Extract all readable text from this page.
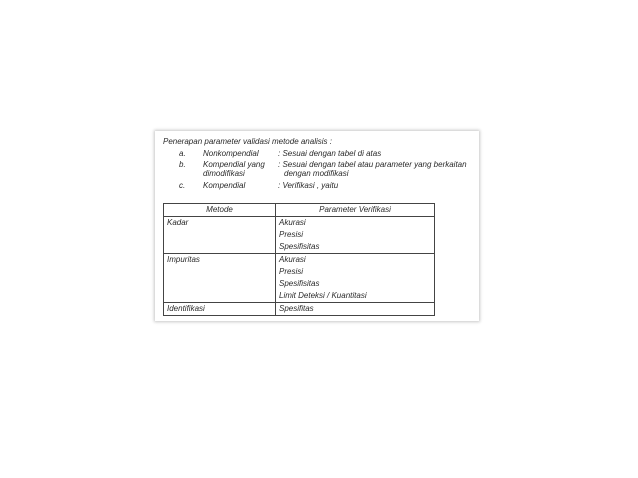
Penerapan parameter validasi metode analisis :
a. Nonkompendial : Sesuai dengan tabel di atas
b. Kompendial yang
dimodifikasi
: Sesuai dengan tabel atau parameter yang berkaitan
dengan modifikasi
c. Kompendial	: Verifikasi , yaitu
Metode	Parameter Verifikasi
Kadar	Akurasi
Presisi
Spesifisitas

Impuritas	Akurasi
Presisi
Spesifisitas
Limit Deteksi / Kuantitasi

Identifikasi	Spesifitas
